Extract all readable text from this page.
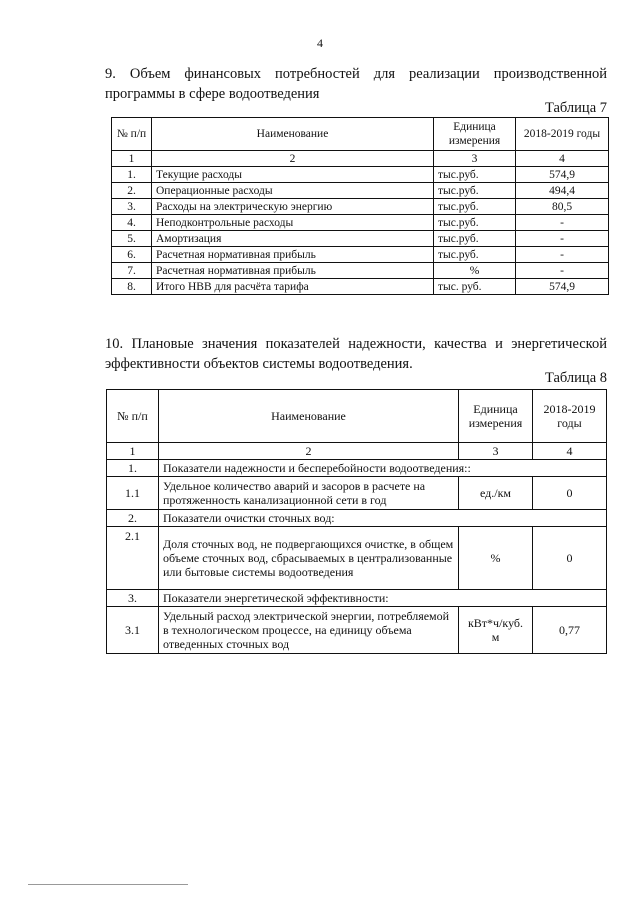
4
9. Объем финансовых потребностей для реализации производственной
программы в сфере водоотведения
Таблица 7
№ п/п	Наименование	Единица измерения	2018-2019 годы
1	2	3	4
1.	Текущие расходы	тыс.руб.	574,9
2.	Операционные расходы	тыс.руб.	494,4
3.	Расходы на электрическую энергию	тыс.руб.	80,5
4.	Неподконтрольные расходы	тыс.руб.	-
5.	Амортизация	тыс.руб.	-
6.	Расчетная нормативная прибыль	тыс.руб.	-
7.	Расчетная нормативная прибыль	%	-
8.	Итого НВВ для расчёта тарифа	тыс. руб.	574,9
10. Плановые значения показателей надежности, качества и энергетической
эффективности объектов системы водоотведения.
Таблица 8
№ п/п	Наименование	Единица измерения	2018-2019 годы
1	2	3	4
1.	Показатели надежности и бесперебойности водоотведения::		
1.1	Удельное количество аварий и засоров в расчете на протяженность канализационной сети в год	ед./км	0
2.	Показатели очистки сточных вод:		
2.1	Доля сточных вод, не подвергающихся очистке, в общем объеме сточных вод, сбрасываемых в централизованные или бытовые системы водоотведения	%	0
3.	Показатели энергетической эффективности:		
3.1	Удельный расход электрической энергии, потребляемой в технологическом процессе, на единицу объема отведенных сточных вод	кВт*ч/куб. м	0,77
